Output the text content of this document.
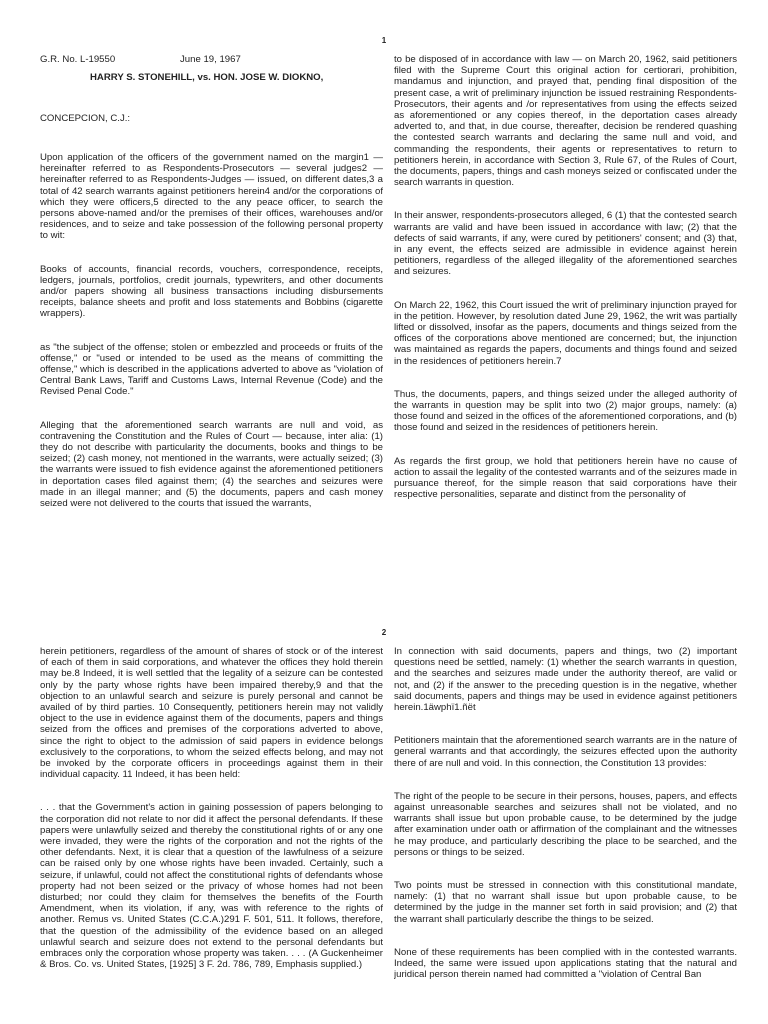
1
G.R. No. L-19550	June 19, 1967
HARRY S. STONEHILL, vs. HON. JOSE W. DIOKNO,
CONCEPCION, C.J.:

Upon application of the officers of the government named on the margin1 — hereinafter referred to as Respondents-Prosecutors — several judges2 — hereinafter referred to as Respondents-Judges — issued, on different dates,3 a total of 42 search warrants against petitioners herein4 and/or the corporations of which they were officers,5 directed to the any peace officer, to search the persons above-named and/or the premises of their offices, warehouses and/or residences, and to seize and take possession of the following personal property to wit:

Books of accounts, financial records, vouchers, correspondence, receipts, ledgers, journals, portfolios, credit journals, typewriters, and other documents and/or papers showing all business transactions including disbursements receipts, balance sheets and profit and loss statements and Bobbins (cigarette wrappers).

as "the subject of the offense; stolen or embezzled and proceeds or fruits of the offense," or "used or intended to be used as the means of committing the offense," which is described in the applications adverted to above as "violation of Central Bank Laws, Tariff and Customs Laws, Internal Revenue (Code) and the Revised Penal Code."

Alleging that the aforementioned search warrants are null and void, as contravening the Constitution and the Rules of Court — because, inter alia: (1) they do not describe with particularity the documents, books and things to be seized; (2) cash money, not mentioned in the warrants, were actually seized; (3) the warrants were issued to fish evidence against the aforementioned petitioners in deportation cases filed against them; (4) the searches and seizures were made in an illegal manner; and (5) the documents, papers and cash money seized were not delivered to the courts that issued the warrants,

to be disposed of in accordance with law — on March 20, 1962, said petitioners filed with the Supreme Court this original action for certiorari, prohibition, mandamus and injunction, and prayed that, pending final disposition of the present case, a writ of preliminary injunction be issued restraining Respondents-Prosecutors, their agents and /or representatives from using the effects seized as aforementioned or any copies thereof, in the deportation cases already adverted to, and that, in due course, thereafter, decision be rendered quashing the contested search warrants and declaring the same null and void, and commanding the respondents, their agents or representatives to return to petitioners herein, in accordance with Section 3, Rule 67, of the Rules of Court, the documents, papers, things and cash moneys seized or confiscated under the search warrants in question.

In their answer, respondents-prosecutors alleged, 6 (1) that the contested search warrants are valid and have been issued in accordance with law; (2) that the defects of said warrants, if any, were cured by petitioners' consent; and (3) that, in any event, the effects seized are admissible in evidence against herein petitioners, regardless of the alleged illegality of the aforementioned searches and seizures.

On March 22, 1962, this Court issued the writ of preliminary injunction prayed for in the petition. However, by resolution dated June 29, 1962, the writ was partially lifted or dissolved, insofar as the papers, documents and things seized from the offices of the corporations above mentioned are concerned; but, the injunction was maintained as regards the papers, documents and things found and seized in the residences of petitioners herein.7

Thus, the documents, papers, and things seized under the alleged authority of the warrants in question may be split into two (2) major groups, namely: (a) those found and seized in the offices of the aforementioned corporations, and (b) those found and seized in the residences of petitioners herein.

As regards the first group, we hold that petitioners herein have no cause of action to assail the legality of the contested warrants and of the seizures made in pursuance thereof, for the simple reason that said corporations have their respective personalities, separate and distinct from the personality of

2

herein petitioners, regardless of the amount of shares of stock or of the interest of each of them in said corporations, and whatever the offices they hold therein may be.8 Indeed, it is well settled that the legality of a seizure can be contested only by the party whose rights have been impaired thereby,9 and that the objection to an unlawful search and seizure is purely personal and cannot be availed of by third parties. 10 Consequently, petitioners herein may not validly object to the use in evidence against them of the documents, papers and things seized from the offices and premises of the corporations adverted to above, since the right to object to the admission of said papers in evidence belongs exclusively to the corporations, to whom the seized effects belong, and may not be invoked by the corporate officers in proceedings against them in their individual capacity. 11 Indeed, it has been held:

. . . that the Government's action in gaining possession of papers belonging to the corporation did not relate to nor did it affect the personal defendants. If these papers were unlawfully seized and thereby the constitutional rights of or any one were invaded, they were the rights of the corporation and not the rights of the other defendants. Next, it is clear that a question of the lawfulness of a seizure can be raised only by one whose rights have been invaded. Certainly, such a seizure, if unlawful, could not affect the constitutional rights of defendants whose property had not been seized or the privacy of whose homes had not been disturbed; nor could they claim for themselves the benefits of the Fourth Amendment, when its violation, if any, was with reference to the rights of another. Remus vs. United States (C.C.A.)291 F. 501, 511. It follows, therefore, that the question of the admissibility of the evidence based on an alleged unlawful search and seizure does not extend to the personal defendants but embraces only the corporation whose property was taken. . . . (A Guckenheimer & Bros. Co. vs. United States, [1925] 3 F. 2d. 786, 789, Emphasis supplied.)

In connection with said documents, papers and things, two (2) important questions need be settled, namely: (1) whether the search warrants in question, and the searches and seizures made under the authority thereof, are valid or not, and (2) if the answer to the preceding question is in the negative, whether said documents, papers and things may be used in evidence against petitioners herein.1äwphï1.ñët

Petitioners maintain that the aforementioned search warrants are in the nature of general warrants and that accordingly, the seizures effected upon the authority there of are null and void. In this connection, the Constitution 13 provides:

The right of the people to be secure in their persons, houses, papers, and effects against unreasonable searches and seizures shall not be violated, and no warrants shall issue but upon probable cause, to be determined by the judge after examination under oath or affirmation of the complainant and the witnesses he may produce, and particularly describing the place to be searched, and the persons or things to be seized.

Two points must be stressed in connection with this constitutional mandate, namely: (1) that no warrant shall issue but upon probable cause, to be determined by the judge in the manner set forth in said provision; and (2) that the warrant shall particularly describe the things to be seized.

None of these requirements has been complied with in the contested warrants. Indeed, the same were issued upon applications stating that the natural and juridical person therein named had committed a "violation of Central Ban
